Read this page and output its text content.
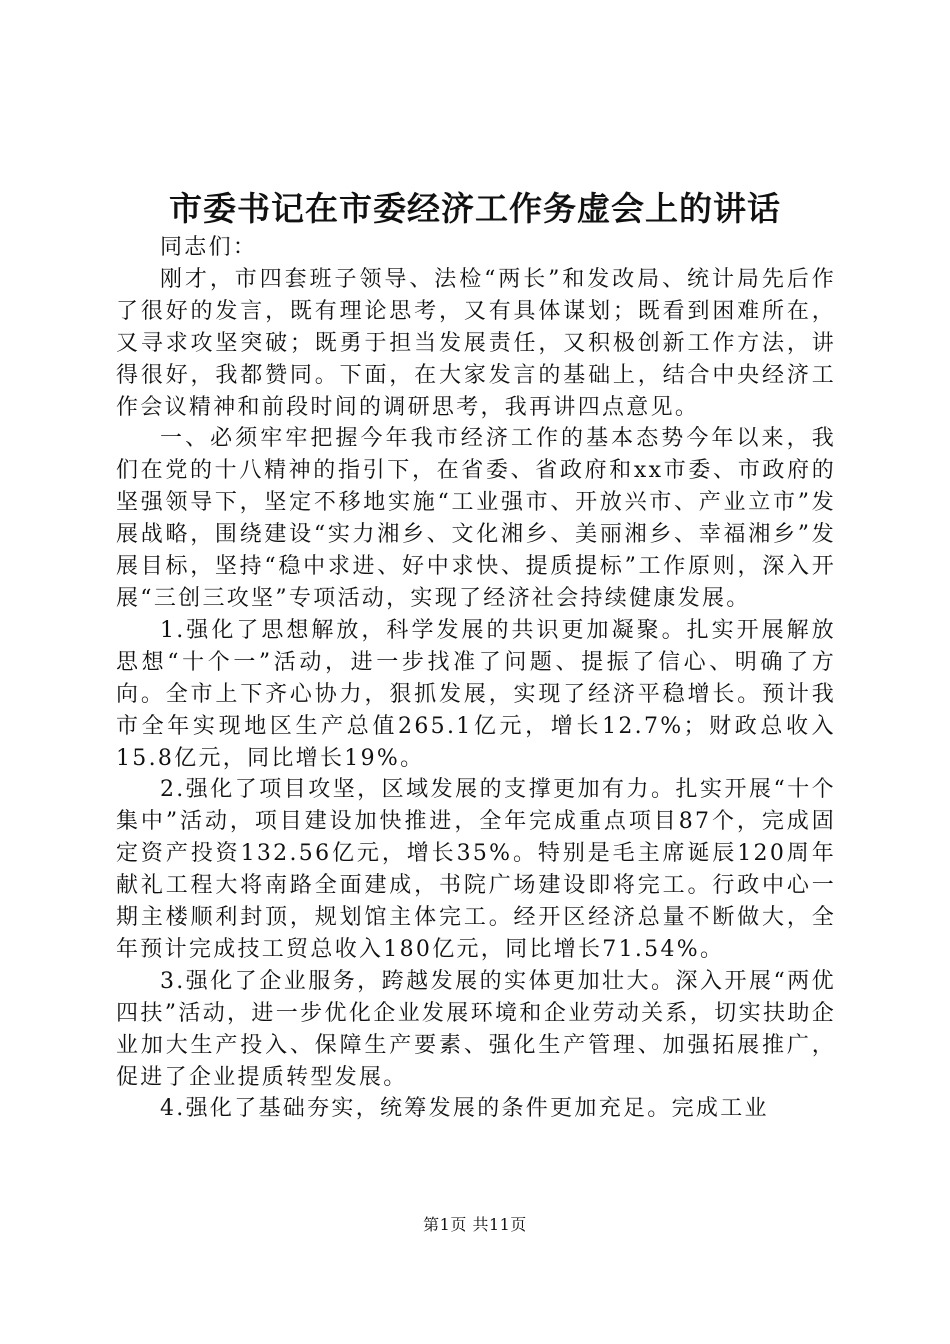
市委书记在市委经济工作务虚会上的讲话

同志们：

刚才，市四套班子领导、法检“两长”和发改局、统计局先后作了很好的发言，既有理论思考，又有具体谋划；既看到困难所在，又寻求攻坚突破；既勇于担当发展责任，又积极创新工作方法，讲得很好，我都赞同。下面，在大家发言的基础上，结合中央经济工作会议精神和前段时间的调研思考，我再讲四点意见。

一、必须牢牢把握今年我市经济工作的基本态势今年以来，我们在党的十八精神的指引下，在省委、省政府和xx市委、市政府的坚强领导下，坚定不移地实施“工业强市、开放兴市、产业立市”发展战略，围绕建设“实力湘乡、文化湘乡、美丽湘乡、幸福湘乡”发展目标，坚持“稳中求进、好中求快、提质提标”工作原则，深入开展“三创三攻坚”专项活动，实现了经济社会持续健康发展。

1.强化了思想解放，科学发展的共识更加凝聚。扎实开展解放思想“十个一”活动，进一步找准了问题、提振了信心、明确了方向。全市上下齐心协力，狠抓发展，实现了经济平稳增长。预计我市全年实现地区生产总值265.1亿元，增长12.7%；财政总收入15.8亿元，同比增长19%。

2.强化了项目攻坚，区域发展的支撑更加有力。扎实开展“十个集中”活动，项目建设加快推进，全年完成重点项目87个，完成固定资产投资132.56亿元，增长35%。特别是毛主席诞辰120周年献礼工程大将南路全面建成，书院广场建设即将完工。行政中心一期主楼顺利封顶，规划馆主体完工。经开区经济总量不断做大，全年预计完成技工贸总收入180亿元，同比增长71.54%。

3.强化了企业服务，跨越发展的实体更加壮大。深入开展“两优四扶”活动，进一步优化企业发展环境和企业劳动关系，切实扶助企业加大生产投入、保障生产要素、强化生产管理、加强拓展推广，促进了企业提质转型发展。

4.强化了基础夯实，统筹发展的条件更加充足。完成工业

第1页 共11页
